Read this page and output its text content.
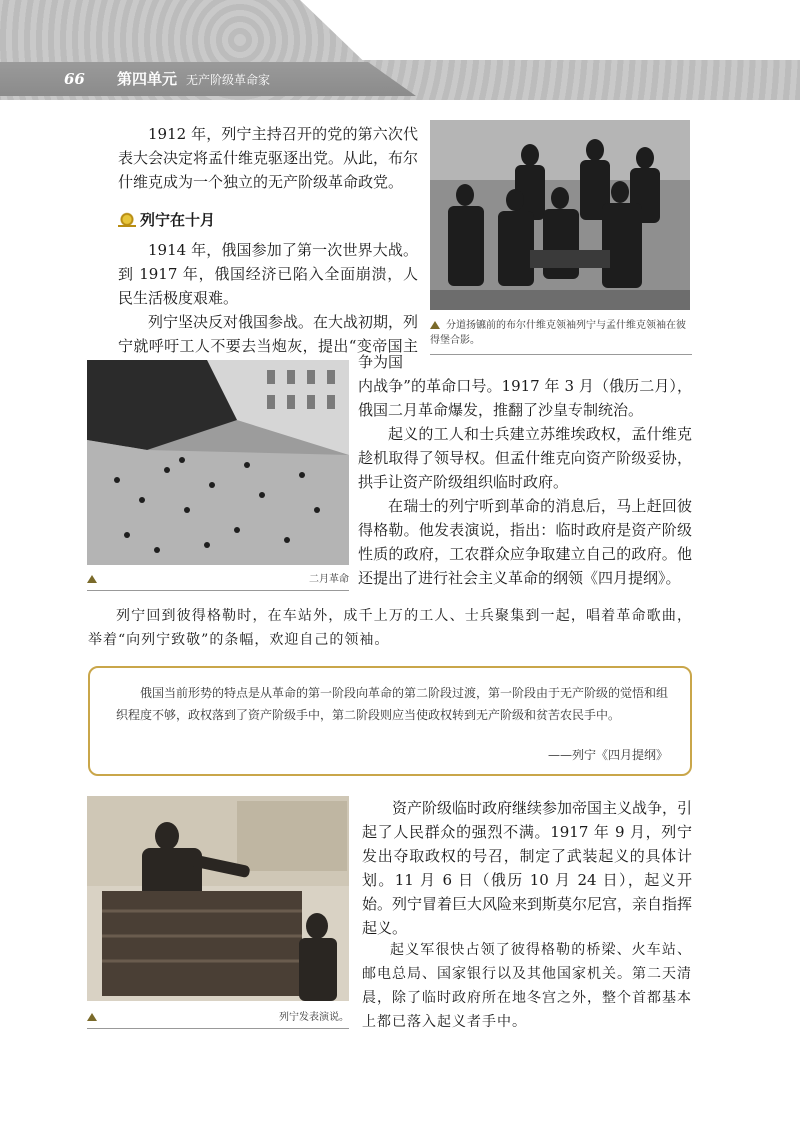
66 第四单元 无产阶级革命家

1912 年，列宁主持召开的党的第六次代表大会决定将孟什维克驱逐出党。从此，布尔什维克成为一个独立的无产阶级革命政党。

列宁在十月

1914 年，俄国参加了第一次世界大战。到 1917 年，俄国经济已陷入全面崩溃，人民生活极度艰难。

列宁坚决反对俄国参战。在大战初期，列宁就呼吁工人不要去当炮灰，提出“变帝国主

分道扬镳前的布尔什维克领袖列宁与孟什维克领袖在彼得堡合影。
二月革命

争为国

内战争”的革命口号。1917 年 3 月（俄历二月），俄国二月革命爆发，推翻了沙皇专制统治。

起义的工人和士兵建立苏维埃政权，孟什维克趁机取得了领导权。但孟什维克向资产阶级妥协，拱手让资产阶级组织临时政府。

在瑞士的列宁听到革命的消息后，马上赶回彼得格勒。他发表演说，指出：临时政府是资产阶级性质的政府，工农群众应争取建立自己的政府。他还提出了进行社会主义革命的纲领《四月提纲》。

列宁回到彼得格勒时，在车站外，成千上万的工人、士兵聚集到一起，唱着革命歌曲，举着“向列宁致敬”的条幅，欢迎自己的领袖。

俄国当前形势的特点是从革命的第一阶段向革命的第二阶段过渡，第一阶段由于无产阶级的觉悟和组织程度不够，政权落到了资产阶级手中，第二阶段则应当使政权转到无产阶级和贫苦农民手中。

——列宁《四月提纲》
列宁发表演说。

资产阶级临时政府继续参加帝国主义战争，引起了人民群众的强烈不满。1917 年 9 月，列宁发出夺取政权的号召，制定了武装起义的具体计划。11 月 6 日（俄历 10 月 24 日），起义开始。列宁冒着巨大风险来到斯莫尔尼宫，亲自指挥起义。

起义军很快占领了彼得格勒的桥梁、火车站、邮电总局、国家银行以及其他国家机关。第二天清晨，除了临时政府所在地冬宫之外，整个首都基本上都已落入起义者手中。
